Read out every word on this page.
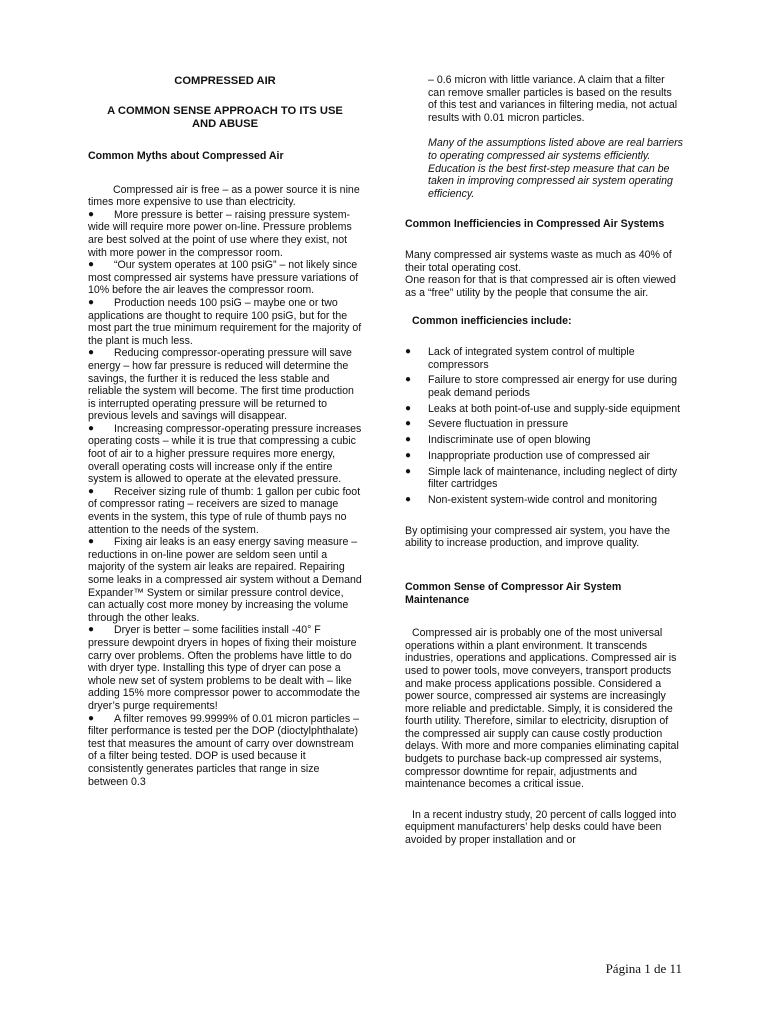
COMPRESSED AIR

A COMMON SENSE APPROACH TO ITS USE AND ABUSE

Common Myths about Compressed Air

Compressed air is free – as a power source it is nine times more expensive to use than electricity.

● More pressure is better – raising pressure system-wide will require more power on-line. Pressure problems are best solved at the point of use where they exist, not with more power in the compressor room.
● “Our system operates at 100 psiG” – not likely since most compressed air systems have pressure variations of 10% before the air leaves the compressor room.
● Production needs 100 psiG – maybe one or two applications are thought to require 100 psiG, but for the most part the true minimum requirement for the majority of the plant is much less.
● Reducing compressor-operating pressure will save energy – how far pressure is reduced will determine the savings, the further it is reduced the less stable and reliable the system will become. The first time production is interrupted operating pressure will be returned to previous levels and savings will disappear.
● Increasing compressor-operating pressure increases operating costs – while it is true that compressing a cubic foot of air to a higher pressure requires more energy, overall operating costs will increase only if the entire system is allowed to operate at the elevated pressure.
● Receiver sizing rule of thumb: 1 gallon per cubic foot of compressor rating – receivers are sized to manage events in the system, this type of rule of thumb pays no attention to the needs of the system.
● Fixing air leaks is an easy energy saving measure – reductions in on-line power are seldom seen until a majority of the system air leaks are repaired. Repairing some leaks in a compressed air system without a Demand Expander™ System or similar pressure control device, can actually cost more money by increasing the volume through the other leaks.
● Dryer is better – some facilities install -40° F pressure dewpoint dryers in hopes of fixing their moisture carry over problems. Often the problems have little to do with dryer type. Installing this type of dryer can pose a whole new set of system problems to be dealt with – like adding 15% more compressor power to accommodate the dryer’s purge requirements!
● A filter removes 99.9999% of 0.01 micron particles – filter performance is tested per the DOP (dioctylphthalate) test that measures the amount of carry over downstream of a filter being tested. DOP is used because it consistently generates particles that range in size between 0.3

– 0.6 micron with little variance. A claim that a filter can remove smaller particles is based on the results of this test and variances in filtering media, not actual results with 0.01 micron particles.

Many of the assumptions listed above are real barriers to operating compressed air systems efficiently. Education is the best first-step measure that can be taken in improving compressed air system operating efficiency.

Common Inefficiencies in Compressed Air Systems

Many compressed air systems waste as much as 40% of their total operating cost.

One reason for that is that compressed air is often viewed as a “free” utility by the people that consume the air.

Common inefficiencies include:

● Lack of integrated system control of multiple compressors
● Failure to store compressed air energy for use during peak demand periods
● Leaks at both point-of-use and supply-side equipment
● Severe fluctuation in pressure
● Indiscriminate use of open blowing
● Inappropriate production use of compressed air
● Simple lack of maintenance, including neglect of dirty filter cartridges
● Non-existent system-wide control and monitoring

By optimising your compressed air system, you have the ability to increase production, and improve quality.

Common Sense of Compressor Air System Maintenance

Compressed air is probably one of the most universal operations within a plant environment. It transcends industries, operations and applications. Compressed air is used to power tools, move conveyers, transport products and make process applications possible. Considered a power source, compressed air systems are increasingly more reliable and predictable. Simply, it is considered the fourth utility. Therefore, similar to electricity, disruption of the compressed air supply can cause costly production delays. With more and more companies eliminating capital budgets to purchase back-up compressed air systems, compressor downtime for repair, adjustments and maintenance becomes a critical issue.

In a recent industry study, 20 percent of calls logged into equipment manufacturers’ help desks could have been avoided by proper installation and or

Página 1 de 11
